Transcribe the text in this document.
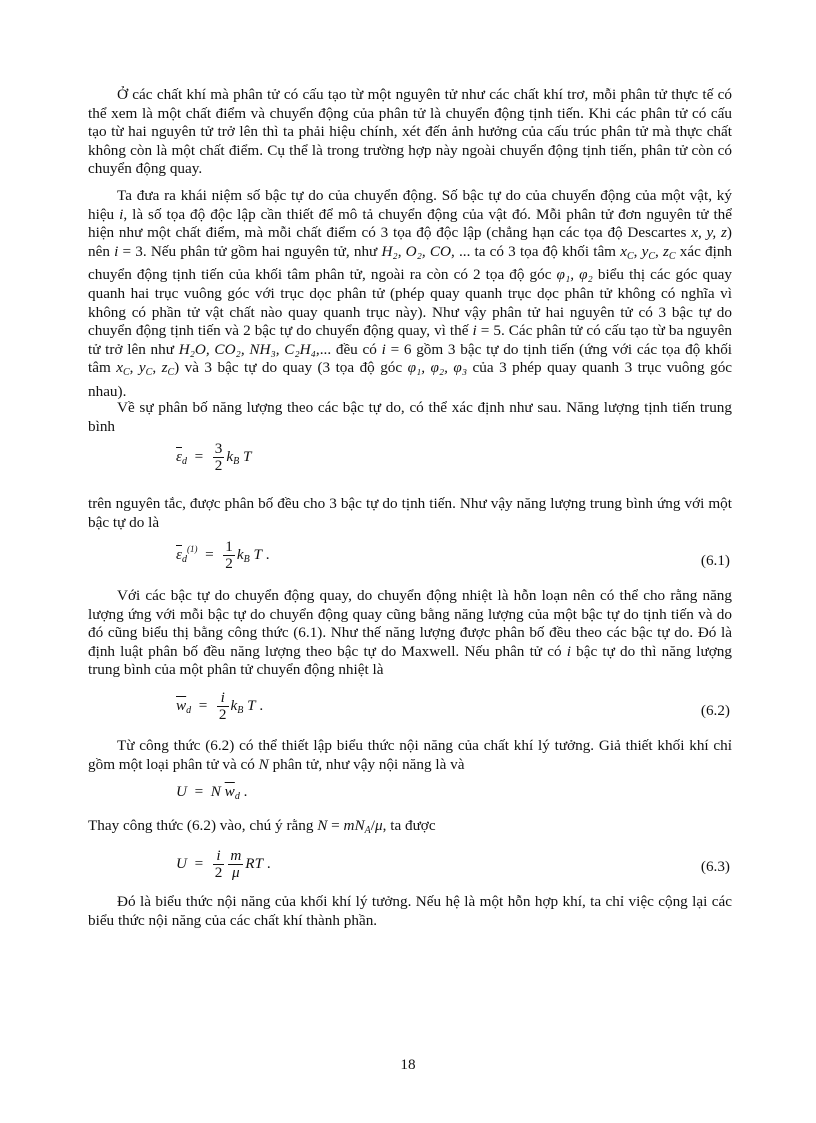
Ở các chất khí mà phân tử có cấu tạo từ một nguyên tử như các chất khí trơ, mỗi phân tử thực tế có thể xem là một chất điểm và chuyển động của phân tử là chuyển động tịnh tiến. Khi các phân tử có cấu tạo từ hai nguyên tử trở lên thì ta phải hiệu chính, xét đến ảnh hưởng của cấu trúc phân tử mà thực chất không còn là một chất điểm. Cụ thể là trong trường hợp này ngoài chuyển động tịnh tiến, phân tử còn có chuyển động quay.

Ta đưa ra khái niệm số bậc tự do của chuyển động. Số bậc tự do của chuyển động của một vật, ký hiệu i, là số tọa độ độc lập cần thiết để mô tả chuyển động của vật đó. Mỗi phân tử đơn nguyên tử thể hiện như một chất điểm, mà mỗi chất điểm có 3 tọa độ độc lập (chẳng hạn các tọa độ Descartes x, y, z) nên i = 3. Nếu phân tử gồm hai nguyên tử, như H₂, O₂, CO, ... ta có 3 tọa độ khối tâm $x_C$, $y_C$, $z_C$ xác định chuyển động tịnh tiến của khối tâm phân tử, ngoài ra còn có 2 tọa độ góc φ₁, φ₂ biểu thị các góc quay quanh hai trục vuông góc với trục dọc phân tử (phép quay quanh trục dọc phân tử không có nghĩa vì không có phần tử vật chất nào quay quanh trục này). Như vậy phân tử hai nguyên tử có 3 bậc tự do chuyển động tịnh tiến và 2 bậc tự do chuyển động quay, vì thế i = 5. Các phân tử có cấu tạo từ ba nguyên tử trở lên như H₂O, CO₂, NH₃, C₂H₄,... đều có i = 6 gồm 3 bậc tự do tịnh tiến (ứng với các tọa độ khối tâm $x_C$, $y_C$, $z_C$) và 3 bậc tự do quay (3 tọa độ góc φ₁, φ₂, φ₃ của 3 phép quay quanh 3 trục vuông góc nhau).

Về sự phân bố năng lượng theo các bậc tự do, có thể xác định như sau. Năng lượng tịnh tiến trung bình

$\overline{\varepsilon}_d = \frac{3}{2} k_B$ T

trên nguyên tắc, được phân bố đều cho 3 bậc tự do tịnh tiến. Như vậy năng lượng trung bình ứng với một bậc tự do là

$\overline{\varepsilon}_d^{(1)} = \frac{1}{2} k_B$ T .	(6.1)

Với các bậc tự do chuyển động quay, do chuyển động nhiệt là hỗn loạn nên có thể cho rằng năng lượng ứng với mỗi bậc tự do chuyển động quay cũng bằng năng lượng của một bậc tự do tịnh tiến và do đó cũng biểu thị bằng công thức (6.1). Như thế năng lượng được phân bố đều theo các bậc tự do. Đó là định luật phân bố đều năng lượng theo bậc tự do Maxwell. Nếu phân tử có i bậc tự do thì năng lượng trung bình của một phân tử chuyển động nhiệt là

$\overline{w}_d = \frac{i}{2} k_B$ T .	(6.2)

Từ công thức (6.2) có thể thiết lập biểu thức nội năng của chất khí lý tưởng. Giả thiết khối khí chỉ gồm một loại phân tử và có N phân tử, như vậy nội năng là và

U = N $\overline{w}_d$ .

Thay công thức (6.2) vào, chú ý rằng $N = mN_A/\mu$, ta được

$U = \frac{i}{2} \frac{m}{\mu}$ RT .	(6.3)

Đó là biểu thức nội năng của khối khí lý tưởng. Nếu hệ là một hỗn hợp khí, ta chỉ việc cộng lại các biểu thức nội năng của các chất khí thành phần.

18
